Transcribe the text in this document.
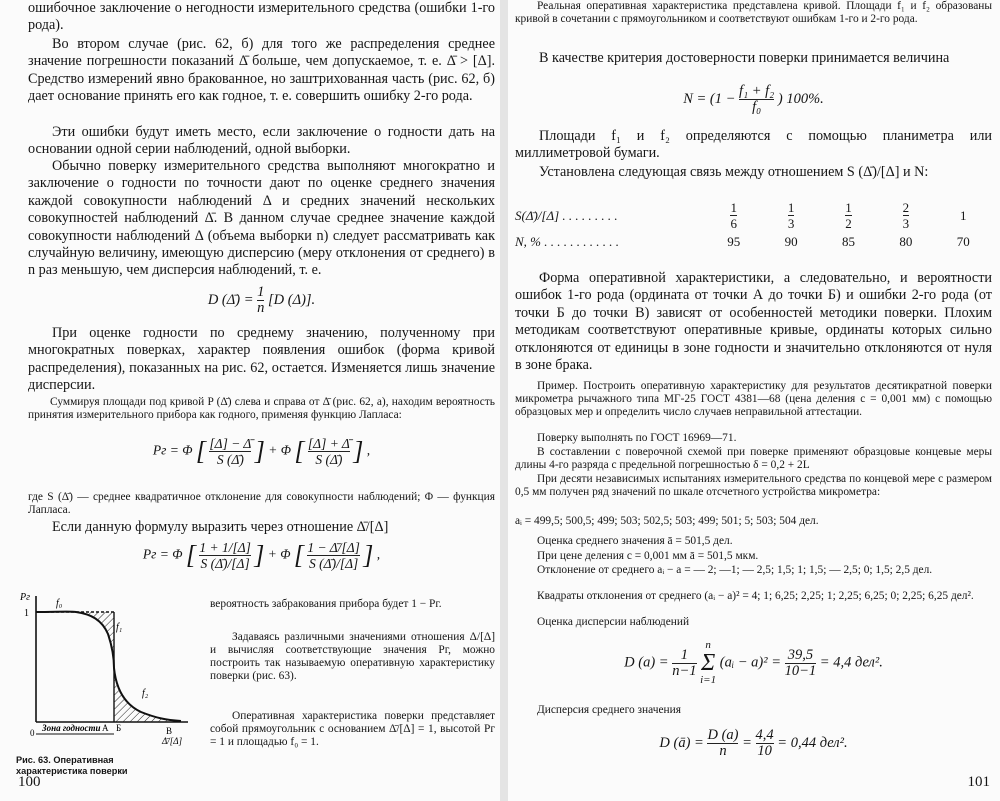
ошибочное заключение о негодности измерительного средства (ошибки 1-го рода).

Во втором случае (рис. 62, б) для того же распределения среднее значение погрешности показаний Δ̄ больше, чем допускаемое, т. е. Δ̄ > [Δ]. Средство измерений явно бракованное, но заштрихованная часть (рис. 62, б) дает основание принять его как годное, т. е. совершить ошибку 2-го рода.

Эти ошибки будут иметь место, если заключение о годности дать на основании одной серии наблюдений, одной выборки.

Обычно поверку измерительного средства выполняют многократно и заключение о годности по точности дают по оценке среднего значения каждой совокупности наблюдений Δ и средних значений нескольких совокупностей наблюдений Δ̄. В данном случае среднее значение каждой совокупности наблюдений Δ (объема выборки n) следует рассматривать как случайную величину, имеющую дисперсию (меру отклонения от среднего) в n раз меньшую, чем дисперсия наблюдений, т. е.

D (Δ̄) = $\frac{1}{n} [D$ (Δ)].

При оценке годности по среднему значению, полученному при многократных поверках, характер появления ошибок (форма кривой распределения), показанных на рис. 62, остается. Изменяется лишь значение дисперсии.

Суммируя площади под кривой P (Δ̄) слева и справа от Δ̄ (рис. 62, а), находим вероятность принятия измерительного прибора как годного, применяя функцию Лапласа:

Pг = Φ [ $\frac{[\Delta] - \Deltā}{S (\Deltā)}$ ] + Φ [ $\frac{[\Delta] + \Deltā}{S (\Deltā)}$ ] ,

где S (Δ̄) — среднее квадратичное отклонение для совокупности наблюдений; Φ — функция Лапласа.

Если данную формулу выразить через отношение Δ̄/[Δ]

Pг = Φ [ $\frac{1 + 1/[\Delta]}{S (\Deltā)/[\Delta]}$ ] + Φ [ $\frac{1 - \Deltā/[\Delta]}{S (\Deltā)/[\Delta]}$ ] ,
Pг
1
f₀
f₁
f₂
Зона годности
0	А Б	В
Δ̄/[Δ]
Рис. 63. Оперативная характеристика поверки

вероятность забракования прибора будет 1 − Pг.

Задаваясь различными значениями отношения Δ/[Δ] и вычисляя соответствующие значения Pг, можно построить так называемую оперативную характеристику поверки (рис. 63).

Оперативная характеристика поверки представляет собой прямоугольник с основанием Δ̄/[Δ] = 1, высотой Pг = 1 и площадью f₀ = 1.

100

Реальная оперативная характеристика представлена кривой. Площади f₁ и f₂ образованы кривой в сочетании с прямоугольником и соответствуют ошибкам 1-го и 2-го рода.

В качестве критерия достоверности поверки принимается величина

$N = (1 - \frac{\text{f₁ + f₂}}{\text{f₀}}$ ) 100%.

Площади f₁ и f₂ определяются с помощью планиметра или миллиметровой бумаги.

Установлена следующая связь между отношением S (Δ̄)/[Δ] и N:

S(Δ̄)/[Δ] . . . . . . . . .	$\frac{1}{6}$	$\frac{1}{3}$	$\frac{1}{2}$	$\frac{2}{3}$	1
N, % . . . . . . . . . . . .	95	90	85	80	70

Форма оперативной характеристики, а следовательно, и вероятности ошибок 1-го рода (ордината от точки А до точки Б) и ошибки 2-го рода (от точки Б до точки В) зависят от особенностей методики поверки. Плохим методикам соответствуют оперативные кривые, ординаты которых сильно отклоняются от единицы в зоне годности и значительно отклоняются от нуля в зоне брака.

Пример. Построить оперативную характеристику для результатов десятикратной поверки микрометра рычажного типа МГ-25 ГОСТ 4381—68 (цена деления c = 0,001 мм) с помощью образцовых мер и определить число случаев неправильной аттестации.

Поверку выполнять по ГОСТ 16969—71.

В составлении с поверочной схемой при поверке применяют образцовые концевые меры длины 4-го разряда с предельной погрешностью δ = 0,2 + 2L

При десяти независимых испытаниях измерительного средства по концевой мере с размером 0,5 мм получен ряд значений по шкале отсчетного устройства микрометра:

aᵢ = 499,5; 500,5; 499; 503; 502,5; 503; 499; 501; 5; 503; 504 дел.

Оценка среднего значения ā = 501,5 дел.

При цене деления c = 0,001 мм ā = 501,5 мкм.

Отклонение от среднего aᵢ − a = — 2; —1; — 2,5; 1,5; 1; 1,5; — 2,5; 0; 1,5; 2,5 дел.

Квадраты отклонения от среднего (aᵢ − a)² = 4; 1; 6,25; 2,25; 1; 2,25; 6,25; 0; 2,25; 6,25 дел².

Оценка дисперсии наблюдений

D $(a) = \frac{1}{n-1}$

n
Σ
i=1
(aᵢ − $a)^2 = \frac{39,5}{10-1} = 4,4$ дел².

Дисперсия среднего значения

D (ā) = $\frac{D (a)}{n} = \frac{4,4}{10} = 0,44$ дел².
101
